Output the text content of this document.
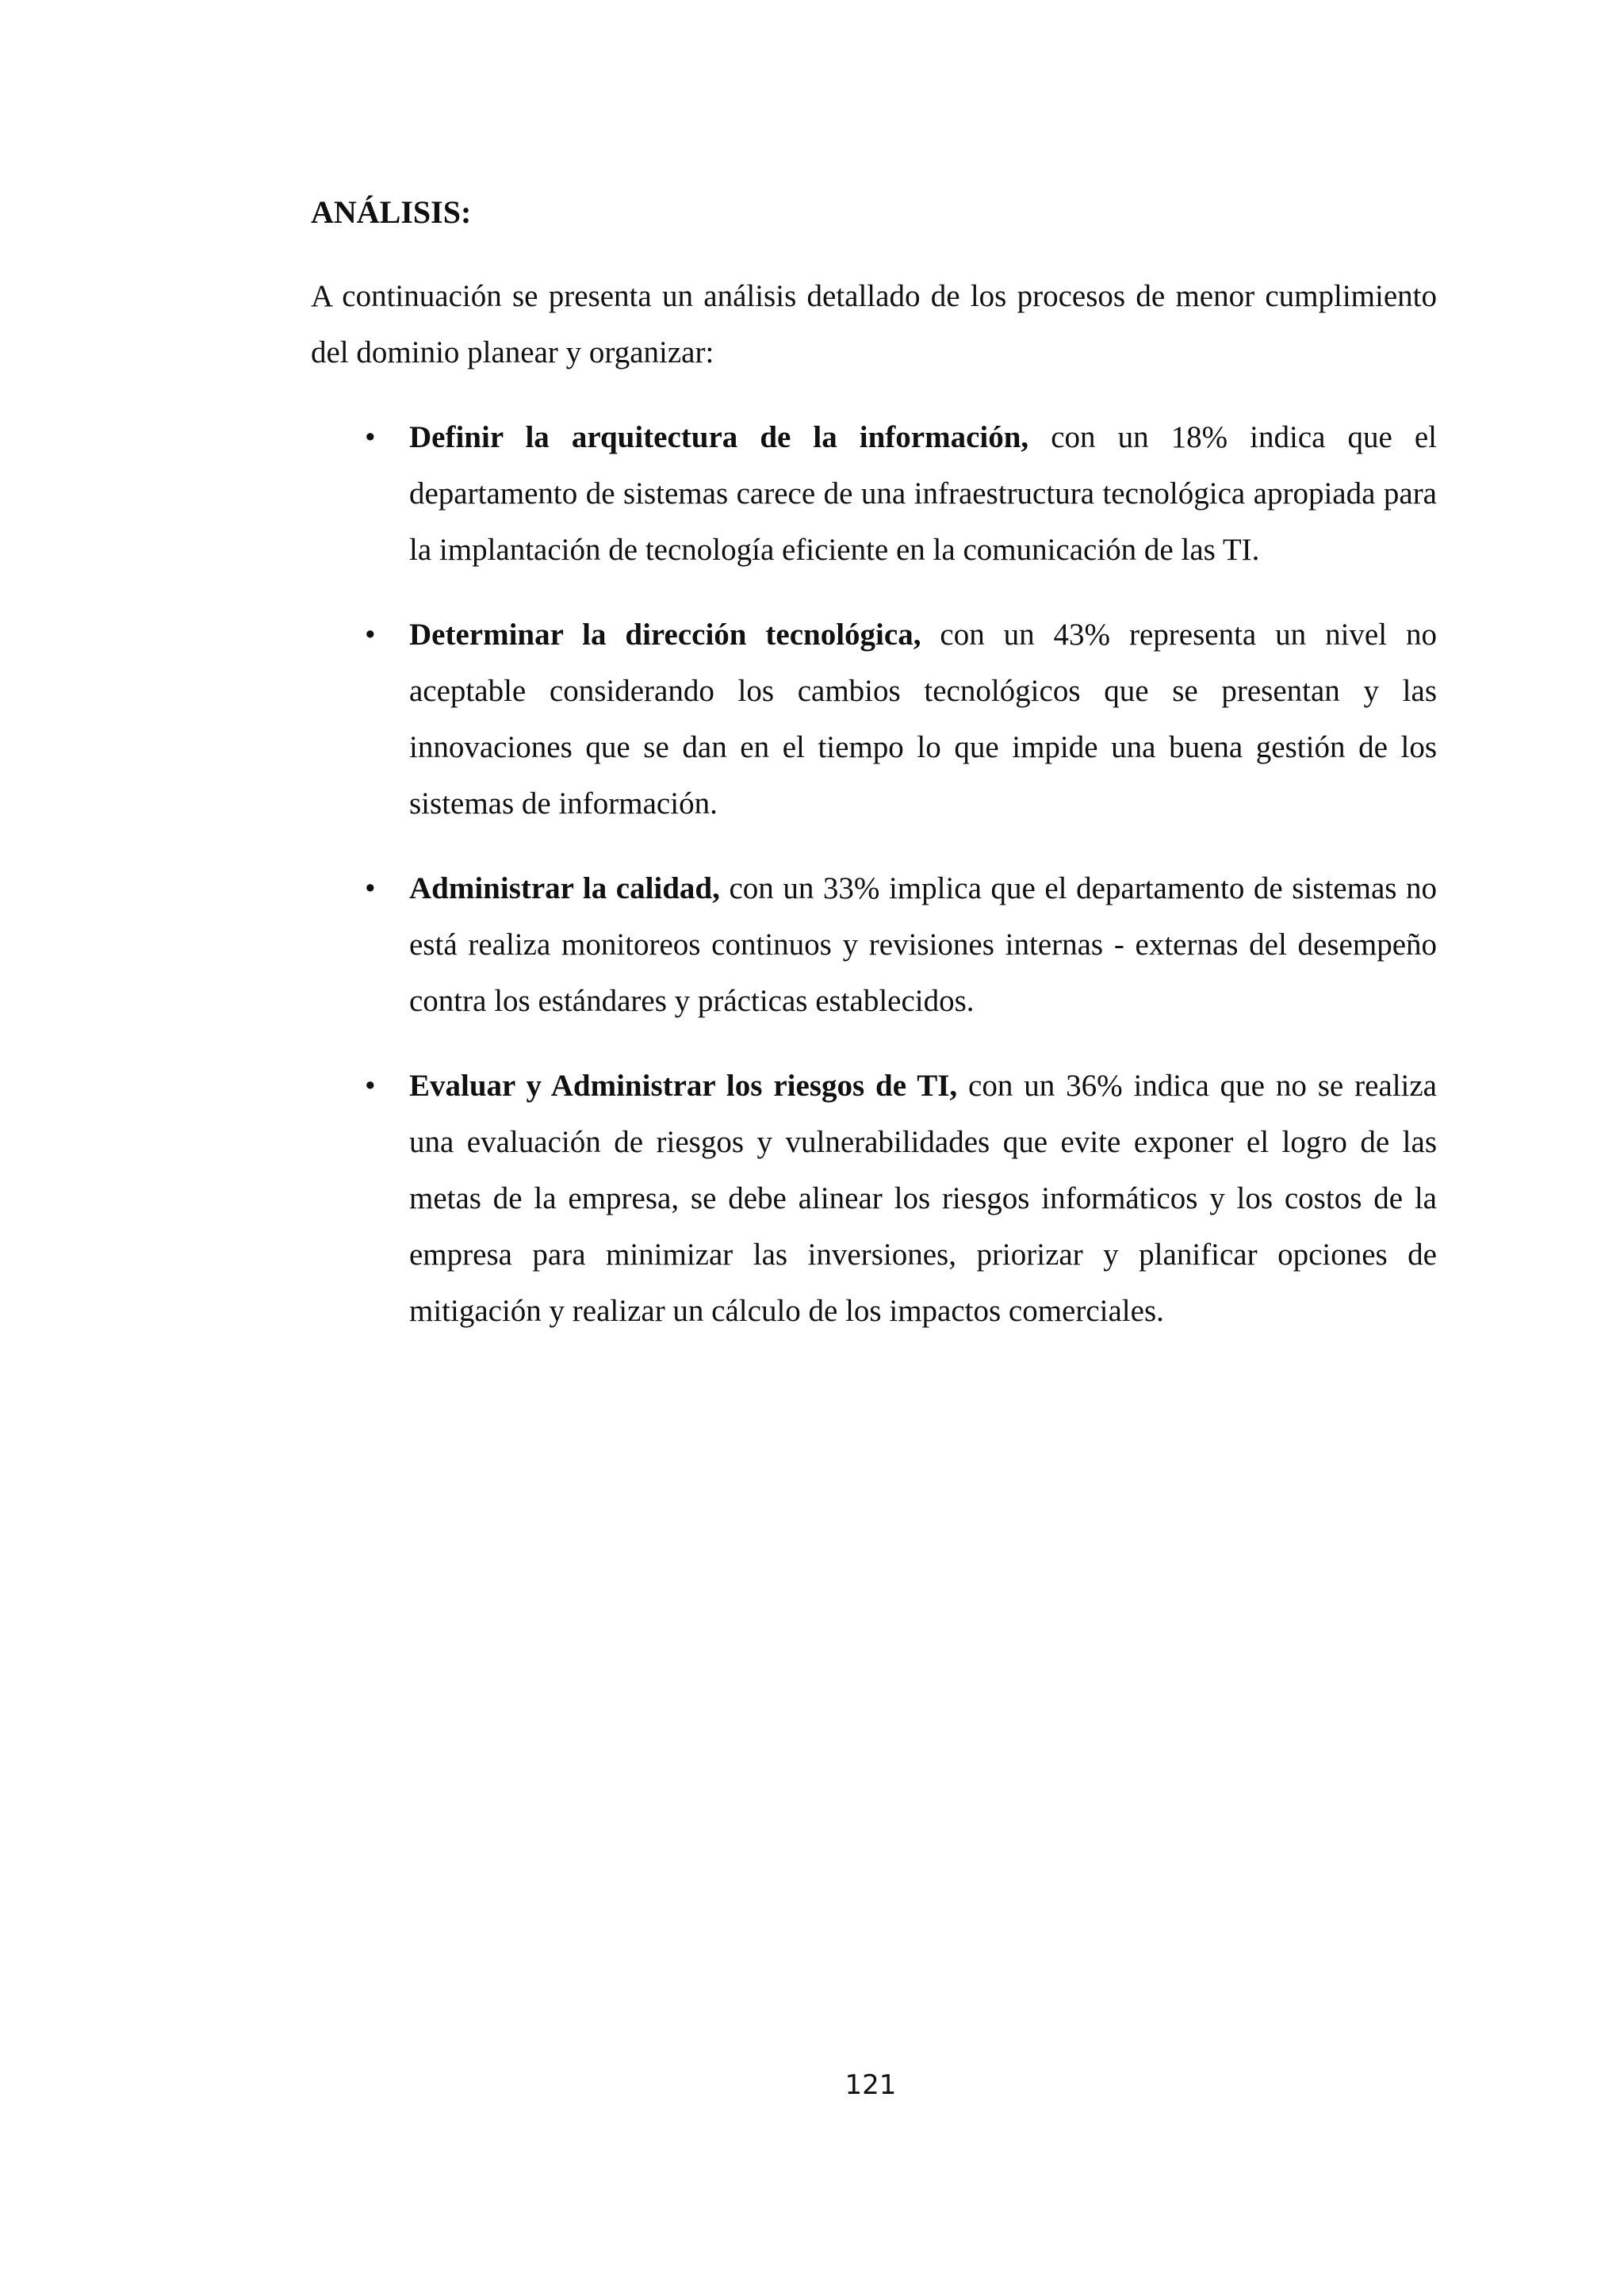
ANÁLISIS:

A continuación se presenta un análisis detallado de los procesos de menor cumplimiento del dominio planear y organizar:

• Definir la arquitectura de la información, con un 18% indica que el departamento de sistemas carece de una infraestructura tecnológica apropiada para la implantación de tecnología eficiente en la comunicación de las TI.
• Determinar la dirección tecnológica, con un 43% representa un nivel no aceptable considerando los cambios tecnológicos que se presentan y las innovaciones que se dan en el tiempo lo que impide una buena gestión de los sistemas de información.
• Administrar la calidad, con un 33% implica que el departamento de sistemas no está realiza monitoreos continuos y revisiones internas - externas del desempeño contra los estándares y prácticas establecidos.
• Evaluar y Administrar los riesgos de TI, con un 36% indica que no se realiza una evaluación de riesgos y vulnerabilidades que evite exponer el logro de las metas de la empresa, se debe alinear los riesgos informáticos y los costos de la empresa para minimizar las inversiones, priorizar y planificar opciones de mitigación y realizar un cálculo de los impactos comerciales.
121
